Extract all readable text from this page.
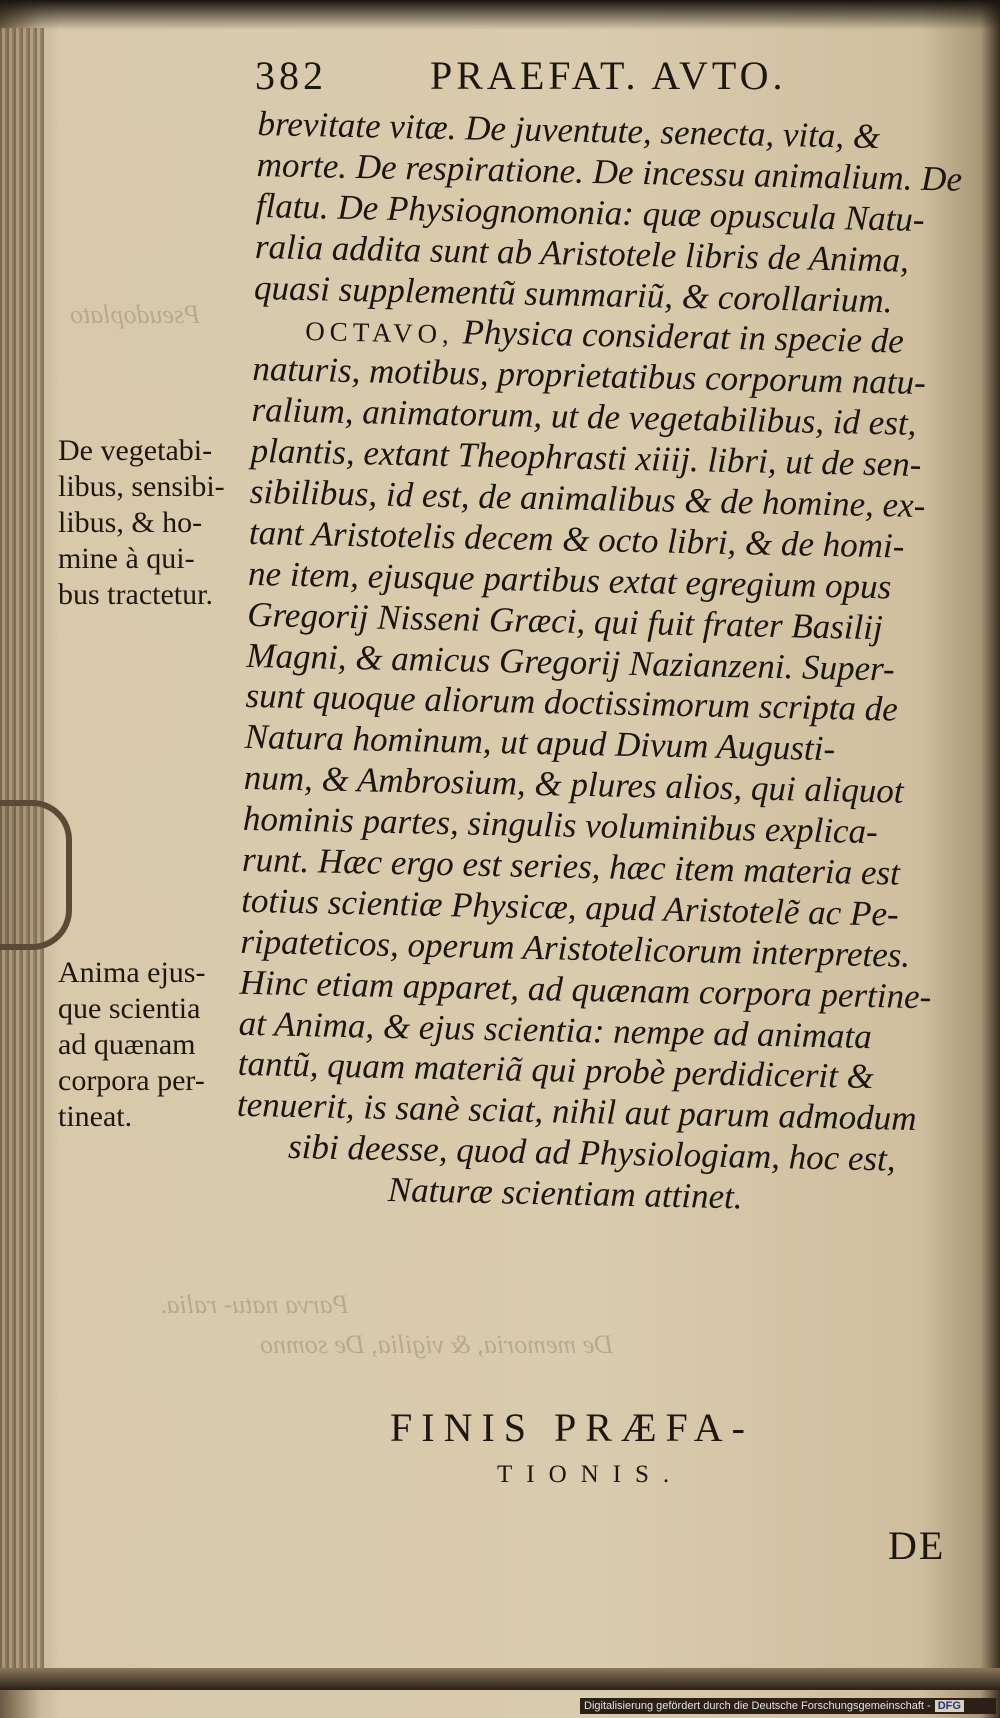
Pseudoplato
Parva natu- ralia.
De memoria, & vigilia, De somno
382	PRAEFAT. AVTO.
brevitate vitæ. De juventute, senecta, vita, &
morte. De respiratione. De incessu animalium. De
flatu. De Physiognomonia: quæ opuscula Natu-
ralia addita sunt ab Aristotele libris de Anima,
quasi supplementũ summariũ, & corollarium.
OCTAVO, Physica considerat in specie de
naturis, motibus, proprietatibus corporum natu-
ralium, animatorum, ut de vegetabilibus, id est,
plantis, extant Theophrasti xiiij. libri, ut de sen-
sibilibus, id est, de animalibus & de homine, ex-
tant Aristotelis decem & octo libri, & de homi-
ne item, ejusque partibus extat egregium opus
Gregorij Nisseni Græci, qui fuit frater Basilij
Magni, & amicus Gregorij Nazianzeni. Super-
sunt quoque aliorum doctissimorum scripta de
Natura hominum, ut apud Divum Augusti-
num, & Ambrosium, & plures alios, qui aliquot
hominis partes, singulis voluminibus explica-
runt. Hæc ergo est series, hæc item materia est
totius scientiæ Physicæ, apud Aristotelẽ ac Pe-
ripateticos, operum Aristotelicorum interpretes.
Hinc etiam apparet, ad quænam corpora pertine-
at Anima, & ejus scientia: nempe ad animata
tantũ, quam materiã qui probè perdidicerit &
tenuerit, is sanè sciat, nihil aut parum admodum
sibi deesse, quod ad Physiologiam, hoc est,
Naturæ scientiam attinet.
De vegetabi-
libus, sensibi-
libus, & ho-
mine à qui-
bus tractetur.
Anima ejus-
que scientia
ad quænam
corpora per-
tineat.
FINIS PRÆFA-
TIONIS.
DE
Digitalisierung gefördert durch die Deutsche Forschungsgemeinschaft - DFG
